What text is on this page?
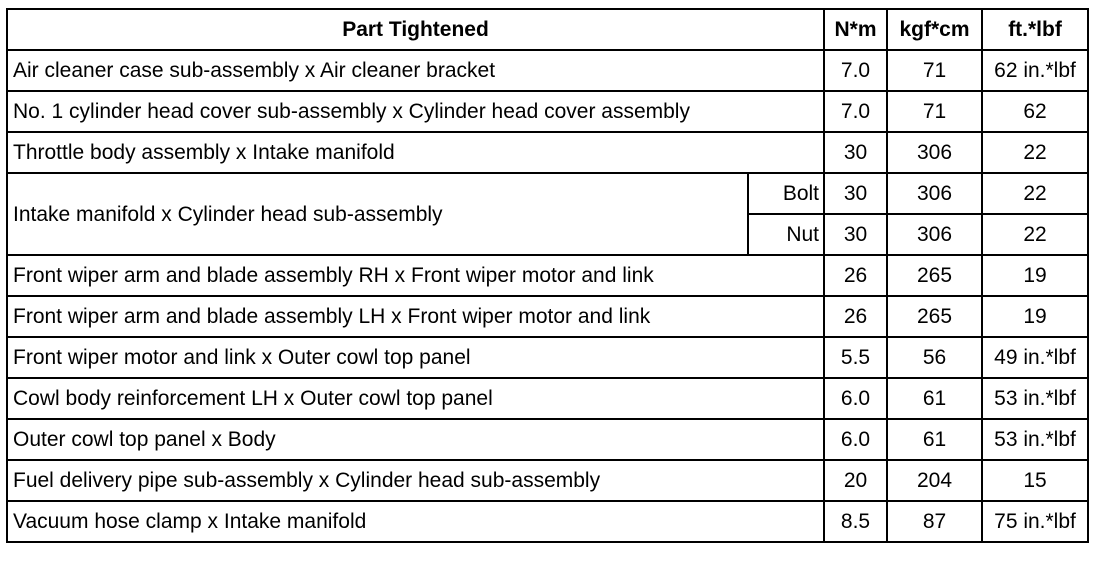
Part Tightened		N*m	kgf*cm	ft.*lbf
Air cleaner case sub-assembly x Air cleaner bracket		7.0	71	62 in.*lbf
No. 1 cylinder head cover sub-assembly x Cylinder head cover assembly		7.0	71	62
Throttle body assembly x Intake manifold		30	306	22
Intake manifold x Cylinder head sub-assembly	Bolt	30	306	22
	Nut	30	306	22
Front wiper arm and blade assembly RH x Front wiper motor and link		26	265	19
Front wiper arm and blade assembly LH x Front wiper motor and link		26	265	19
Front wiper motor and link x Outer cowl top panel		5.5	56	49 in.*lbf
Cowl body reinforcement LH x Outer cowl top panel		6.0	61	53 in.*lbf
Outer cowl top panel x Body		6.0	61	53 in.*lbf
Fuel delivery pipe sub-assembly x Cylinder head sub-assembly		20	204	15
Vacuum hose clamp x Intake manifold		8.5	87	75 in.*lbf
